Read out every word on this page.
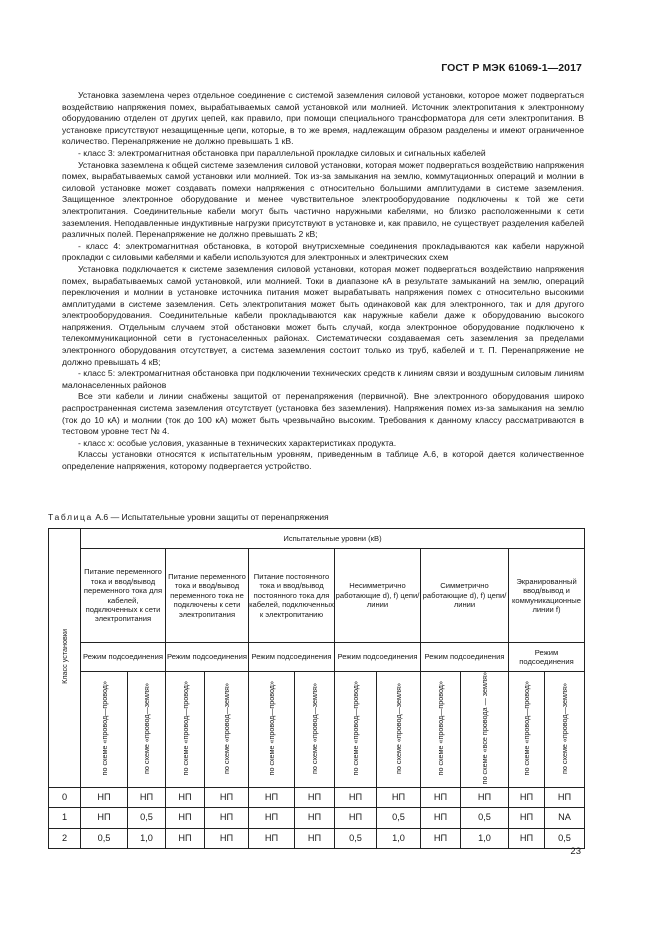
ГОСТ Р МЭК 61069-1—2017

Установка заземлена через отдельное соединение с системой заземления силовой установки, которое может подвергаться воздействию напряжения помех, вырабатываемых самой установкой или молнией. Источник электропитания к электронному оборудованию отделен от других цепей, как правило, при помощи специального трансформатора для сети электропитания. В установке присутствуют незащищенные цепи, которые, в то же время, надлежащим образом разделены и имеют ограниченное количество. Перенапряжение не должно превышать 1 кВ.

- класс 3: электромагнитная обстановка при параллельной прокладке силовых и сигнальных кабелей

Установка заземлена к общей системе заземления силовой установки, которая может подвергаться воздействию напряжения помех, вырабатываемых самой установки или молнией. Ток из-за замыкания на землю, коммутационных операций и молнии в силовой установке может создавать помехи напряжения с относительно большими амплитудами в системе заземления. Защищенное электронное оборудование и менее чувствительное электрооборудование подключены к той же сети электропитания. Соединительные кабели могут быть частично наружными кабелями, но близко расположенными к сети заземления. Неподавленные индуктивные нагрузки присутствуют в установке и, как правило, не существует разделения кабелей различных полей. Перенапряжение не должно превышать 2 кВ;

- класс 4: электромагнитная обстановка, в которой внутрисхемные соединения прокладываются как кабели наружной прокладки с силовыми кабелями и кабели используются для электронных и электрических схем

Установка подключается к системе заземления силовой установки, которая может подвергаться воздействию напряжения помех, вырабатываемых самой установкой, или молнией. Токи в диапазоне кА в результате замыканий на землю, операций переключения и молнии в установке источника питания может вырабатывать напряжения помех с относительно высокими амплитудами в системе заземления. Сеть электропитания может быть одинаковой как для электронного, так и для другого электрооборудования. Соединительные кабели прокладываются как наружные кабели даже к оборудованию высокого напряжения. Отдельным случаем этой обстановки может быть случай, когда электронное оборудование подключено к телекоммуникационной сети в густонаселенных районах. Систематически создаваемая сеть заземления за пределами электронного оборудования отсутствует, а система заземления состоит только из труб, кабелей и т. П. Перенапряжение не должно превышать 4 кВ;

- класс 5: электромагнитная обстановка при подключении технических средств к линиям связи и воздушным силовым линиям малонаселенных районов

Все эти кабели и линии снабжены защитой от перенапряжения (первичной). Вне электронного оборудования широко распространенная система заземления отсутствует (установка без заземления). Напряжения помех из-за замыкания на землю (ток до 10 кА) и молнии (ток до 100 кА) может быть чрезвычайно высоким. Требования к данному классу рассматриваются в тестовом уровне тест № 4.

- класс х: особые условия, указанные в технических характеристиках продукта.

Классы установки относятся к испытательным уровням, приведенным в таблице А.6, в которой дается количественное определение напряжения, которому подвергается устройство.

Таблица А.6 — Испытательные уровни защиты от перенапряжения
Класс установки	Испытательные уровни (кВ)											
	Питание переменного тока и ввод/вывод переменного тока для кабелей, подключенных к сети электропитания		Питание переменного тока и ввод/вывод переменного тока не подключены к сети электропитания		Питание постоянного тока и ввод/вывод постоянного тока для кабелей, подключенных к электропитанию		Несимметрично работающие d), f) цепи/линии		Симметрично работающие d), f) цепи/линии		Экранированный ввод/вывод и коммуникационные линии f)	
	Режим подсоединения		Режим подсоединения		Режим подсоединения		Режим подсоединения		Режим подсоединения		Режим подсоединения	
	по схеме «провод—провод»	по схеме «провод—земля»	по схеме «провод—провод»	по схеме «провод—земля»	по схеме «провод—провод»	по схеме «провод—земля»	по схеме «провод—провод»	по схеме «провод—земля»	по схеме «провод—провод»	по схеме «все провода — земля»	по схеме «провод—провод»	по схеме «провод—земля»
0	НП	НП	НП	НП	НП	НП	НП	НП	НП	НП	НП	НП
1	НП	0,5	НП	НП	НП	НП	НП	0,5	НП	0,5	НП	NA
2	0,5	1,0	НП	НП	НП	НП	0,5	1,0	НП	1,0	НП	0,5
23
